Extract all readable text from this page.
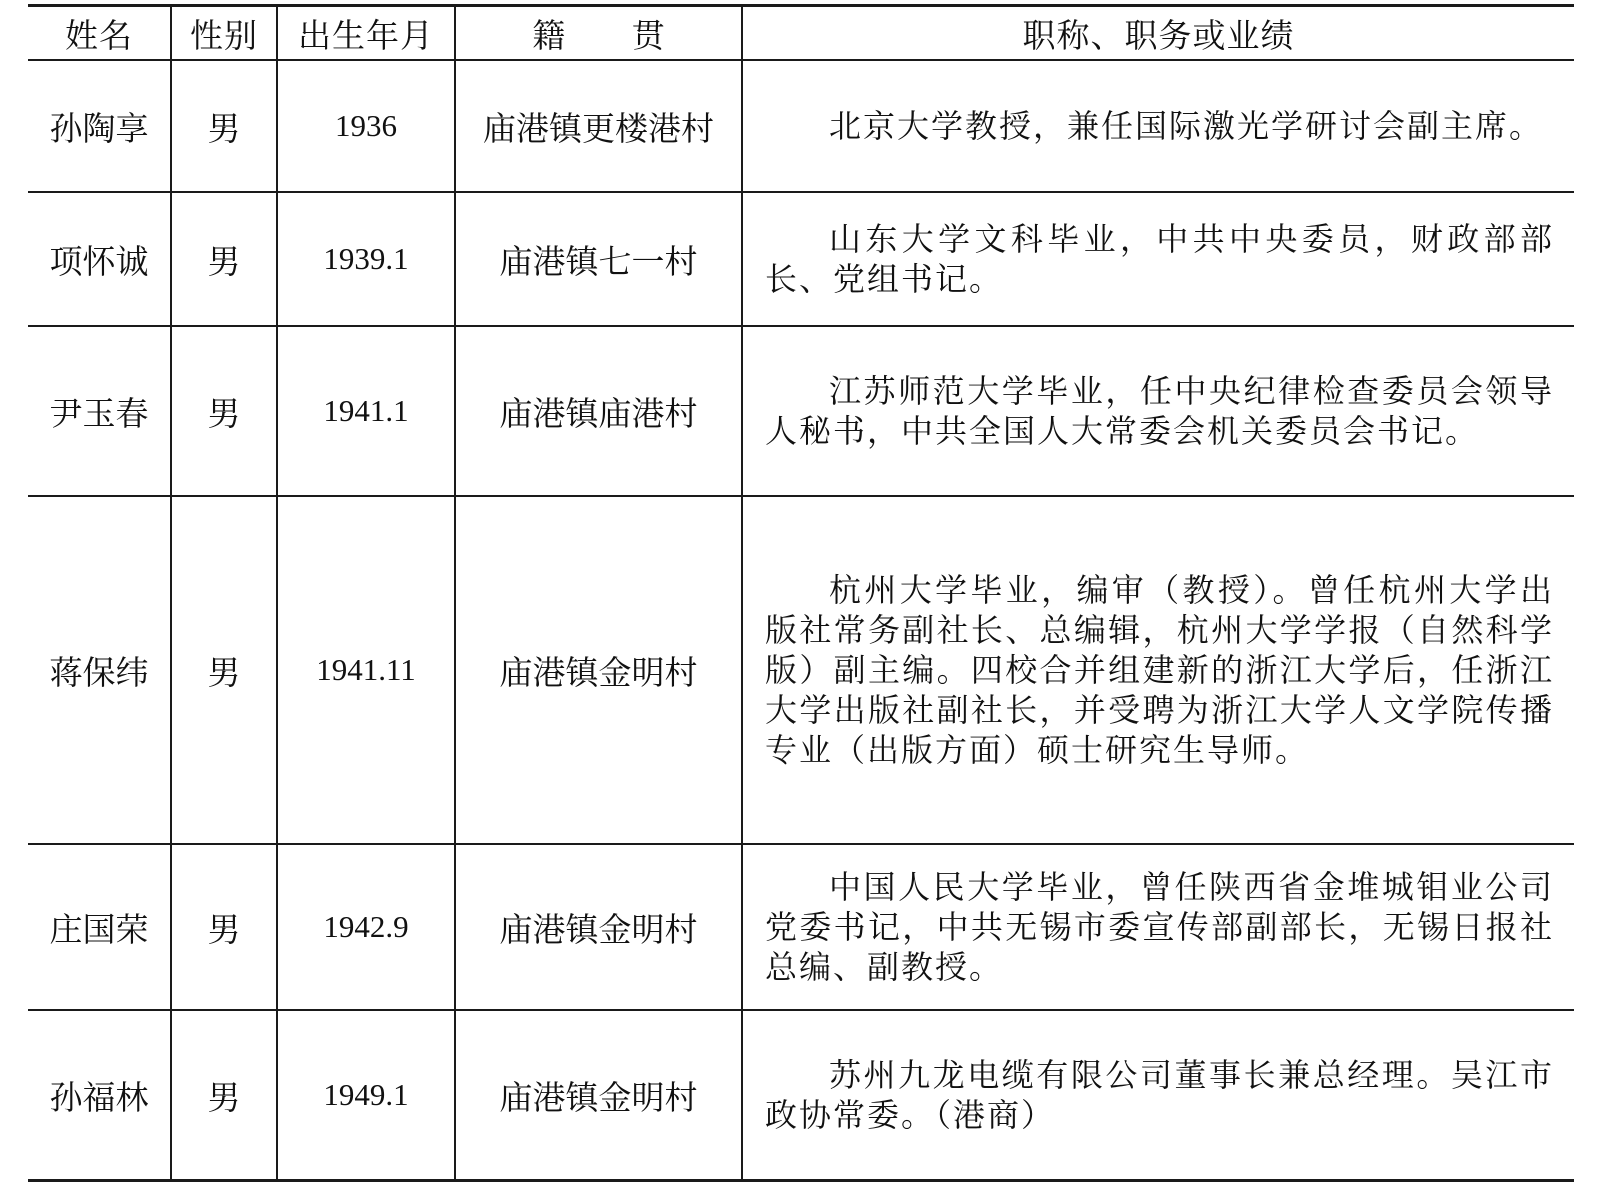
姓名	性别	出生年月	籍 贯	职称、职务或业绩
孙陶享	男	1936	庙港镇更楼港村	北京大学教授，兼任国际激光学研讨会副主席。
项怀诚	男	1939.1	庙港镇七一村	山东大学文科毕业，中共中央委员，财政部部长、党组书记。
尹玉春	男	1941.1	庙港镇庙港村	江苏师范大学毕业，任中央纪律检查委员会领导人秘书，中共全国人大常委会机关委员会书记。
蒋保纬	男	1941.11	庙港镇金明村	杭州大学毕业，编审（教授）。曾任杭州大学出版社常务副社长、总编辑，杭州大学学报（自然科学版）副主编。四校合并组建新的浙江大学后，任浙江大学出版社副社长，并受聘为浙江大学人文学院传播专业（出版方面）硕士研究生导师。
庄国荣	男	1942.9	庙港镇金明村	中国人民大学毕业，曾任陕西省金堆城钼业公司党委书记，中共无锡市委宣传部副部长，无锡日报社总编、副教授。
孙福林	男	1949.1	庙港镇金明村	苏州九龙电缆有限公司董事长兼总经理。吴江市政协常委。（港商）
